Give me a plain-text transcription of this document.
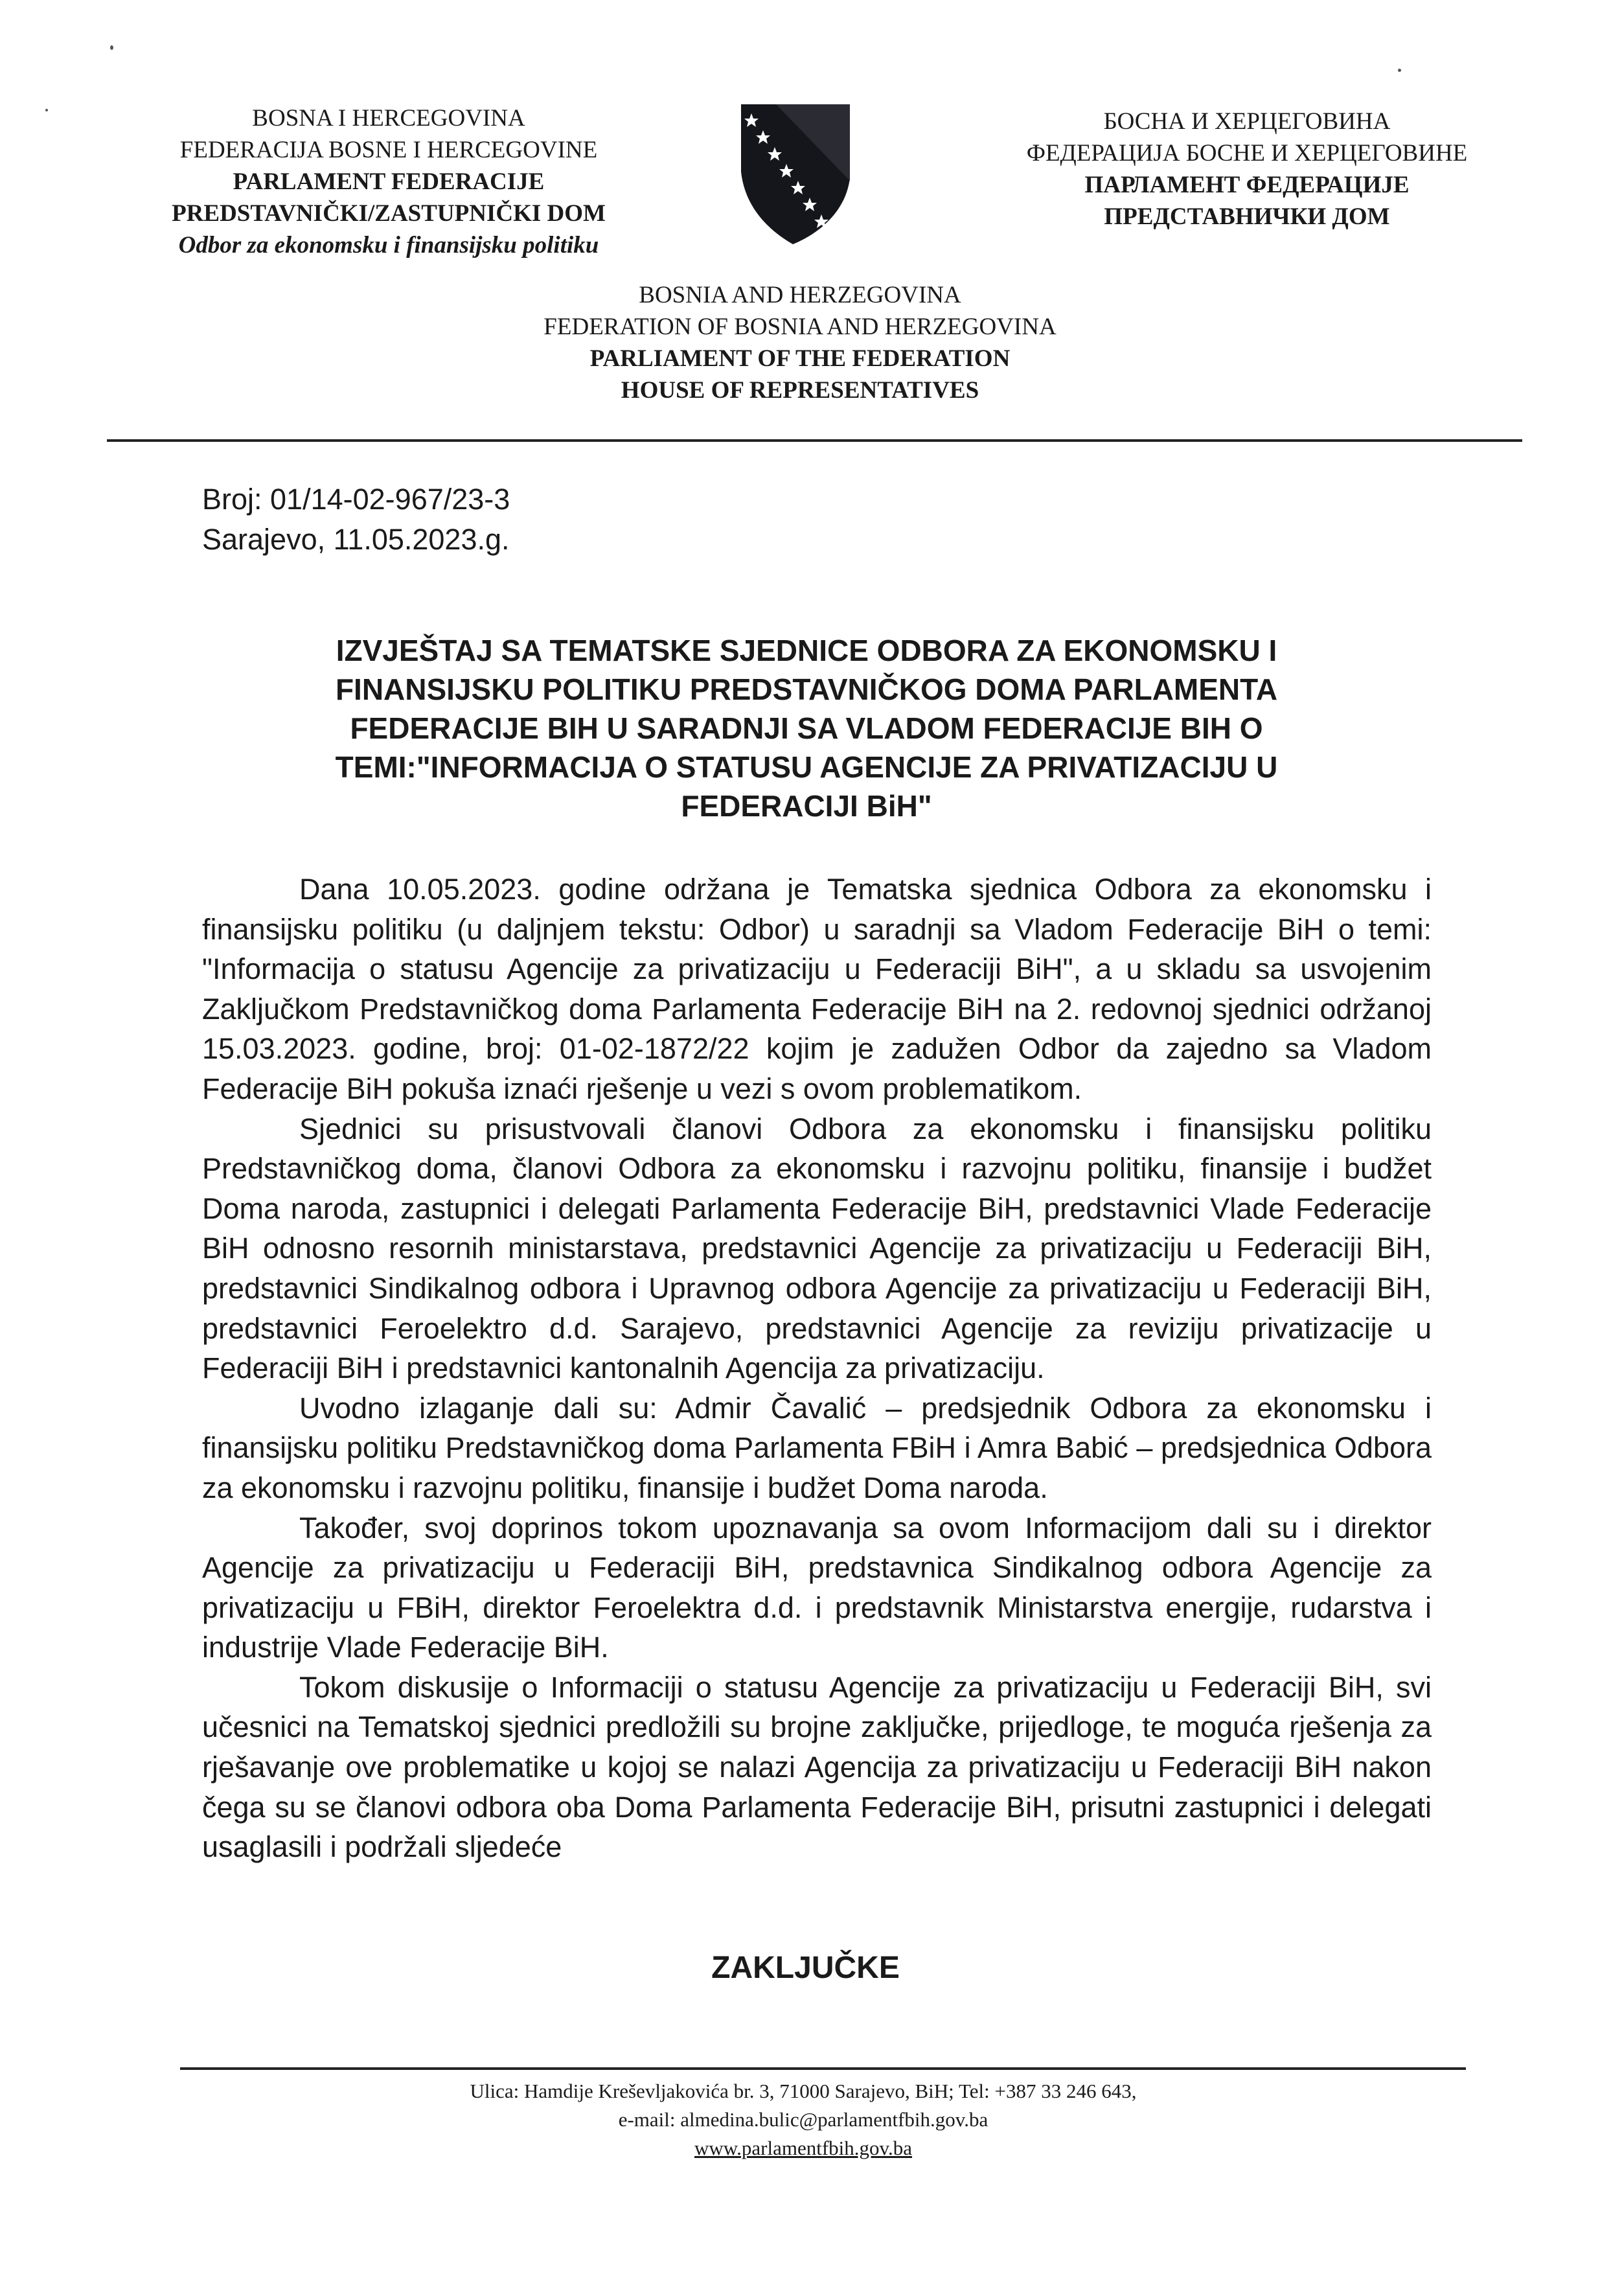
BOSNA I HERCEGOVINA
FEDERACIJA BOSNE I HERCEGOVINE
PARLAMENT FEDERACIJE
PREDSTAVNIČKI/ZASTUPNIČKI DOM
Odbor za ekonomsku i finansijsku politiku
БОСНА И ХЕРЦЕГОВИНА
ФЕДЕРАЦИЈА БОСНЕ И ХЕРЦЕГОВИНЕ
ПАРЛАМЕНТ ФЕДЕРАЦИЈЕ
ПРЕДСТАВНИЧКИ ДОМ
BOSNIA AND HERZEGOVINA
FEDERATION OF BOSNIA AND HERZEGOVINA
PARLIAMENT OF THE FEDERATION
HOUSE OF REPRESENTATIVES
Broj: 01/14-02-967/23-3
Sarajevo, 11.05.2023.g.
IZVJEŠTAJ SA TEMATSKE SJEDNICE ODBORA ZA EKONOMSKU I
FINANSIJSKU POLITIKU PREDSTAVNIČKOG DOMA PARLAMENTA
FEDERACIJE BIH U SARADNJI SA VLADOM FEDERACIJE BIH O
TEMI:"INFORMACIJA O STATUSU AGENCIJE ZA PRIVATIZACIJU U
FEDERACIJI BiH"

Dana 10.05.2023. godine održana je Tematska sjednica Odbora za ekonomsku i finansijsku politiku (u daljnjem tekstu: Odbor) u saradnji sa Vladom Federacije BiH o temi: "Informacija o statusu Agencije za privatizaciju u Federaciji BiH", a u skladu sa usvojenim Zaključkom Predstavničkog doma Parlamenta Federacije BiH na 2. redovnoj sjednici održanoj 15.03.2023. godine, broj: 01-02-1872/22 kojim je zadužen Odbor da zajedno sa Vladom Federacije BiH pokuša iznaći rješenje u vezi s ovom problematikom.

Sjednici su prisustvovali članovi Odbora za ekonomsku i finansijsku politiku Predstavničkog doma, članovi Odbora za ekonomsku i razvojnu politiku, finansije i budžet Doma naroda, zastupnici i delegati Parlamenta Federacije BiH, predstavnici Vlade Federacije BiH odnosno resornih ministarstava, predstavnici Agencije za privatizaciju u Federaciji BiH, predstavnici Sindikalnog odbora i Upravnog odbora Agencije za privatizaciju u Federaciji BiH, predstavnici Feroelektro d.d. Sarajevo, predstavnici Agencije za reviziju privatizacije u Federaciji BiH i predstavnici kantonalnih Agencija za privatizaciju.

Uvodno izlaganje dali su: Admir Čavalić – predsjednik Odbora za ekonomsku i finansijsku politiku Predstavničkog doma Parlamenta FBiH i Amra Babić – predsjednica Odbora za ekonomsku i razvojnu politiku, finansije i budžet Doma naroda.

Također, svoj doprinos tokom upoznavanja sa ovom Informacijom dali su i direktor Agencije za privatizaciju u Federaciji BiH, predstavnica Sindikalnog odbora Agencije za privatizaciju u FBiH, direktor Feroelektra d.d. i predstavnik Ministarstva energije, rudarstva i industrije Vlade Federacije BiH.

Tokom diskusije o Informaciji o statusu Agencije za privatizaciju u Federaciji BiH, svi učesnici na Tematskoj sjednici predložili su brojne zaključke, prijedloge, te moguća rješenja za rješavanje ove problematike u kojoj se nalazi Agencija za privatizaciju u Federaciji BiH nakon čega su se članovi odbora oba Doma Parlamenta Federacije BiH, prisutni zastupnici i delegati usaglasili i podržali sljedeće

ZAKLJUČKE
Ulica: Hamdije Kreševljakovića br. 3, 71000 Sarajevo, BiH; Tel: +387 33 246 643,
e-mail: almedina.bulic@parlamentfbih.gov.ba
www.parlamentfbih.gov.ba
